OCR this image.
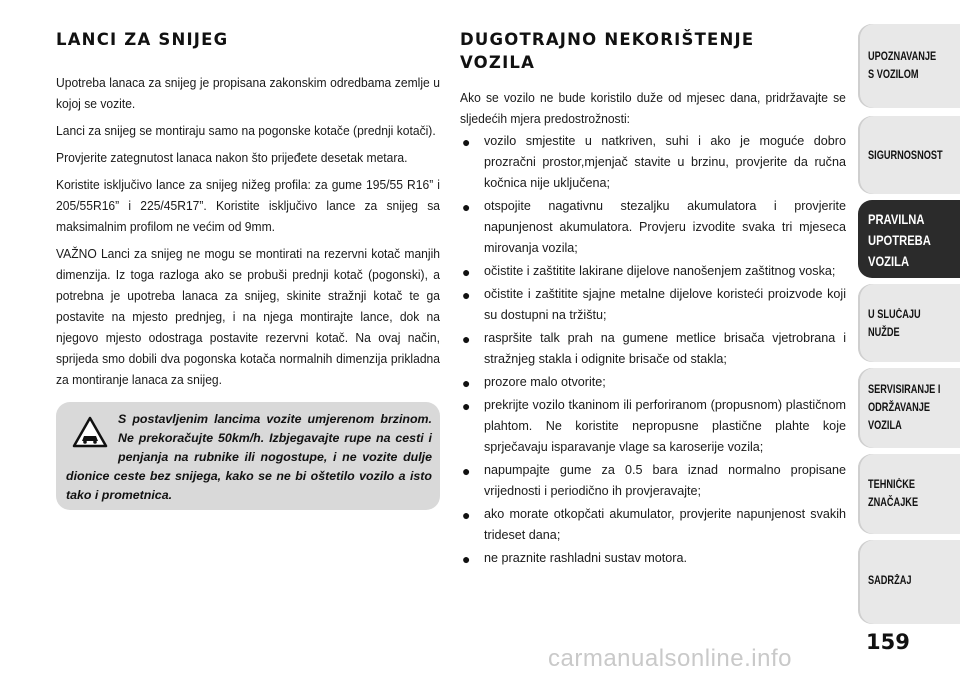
LANCI ZA SNIJEG

Upotreba lanaca za snijeg je propisana zakonskim odredbama zemlje u kojoj se vozite.

Lanci za snijeg se montiraju samo na pogonske kotače (prednji kotači).

Provjerite zategnutost lanaca nakon što prijeđete desetak metara.

Koristite isključivo lance za snijeg nižeg profila: za gume 195/55 R16” i 205/55R16” i 225/45R17”. Koristite isključivo lance za snijeg sa maksimalnim profilom ne većim od 9mm.

VAŽNO Lanci za snijeg ne mogu se montirati na rezervni kotač manjih dimenzija. Iz toga razloga ako se probuši prednji kotač (pogonski), a potrebna je upotreba lanaca za snijeg, skinite stražnji kotač te ga postavite na mjesto prednjeg, i na njega montirajte lance, dok na njegovo mjesto odostraga postavite rezervni kotač. Na ovaj način, sprijeda smo dobili dva pogonska kotača normalnih dimenzija prikladna za montiranje lanaca za snijeg.

S postavljenim lancima vozite umjerenom brzinom. Ne prekoračujte 50km/h. Izbjegavajte rupe na cesti i penjanja na rubnike ili nogostupe, i ne vozite dulje dionice ceste bez snijega, kako se ne bi oštetilo vozilo a isto tako i prometnica.
DUGOTRAJNO NEKORIŠTENJE VOZILA

Ako se vozilo ne bude koristilo duže od mjesec dana, pridržavajte se sljedećih mjera predostrožnosti:

● vozilo smjestite u natkriven, suhi i ako je moguće dobro prozračni prostor,mjenjač stavite u brzinu, provjerite da ručna kočnica nije uključena;
● otspojite nagativnu stezaljku akumulatora i provjerite napunjenost akumulatora. Provjeru izvodite svaka tri mjeseca mirovanja vozila;
● očistite i zaštitite lakirane dijelove nanošenjem zaštitnog voska;
● očistite i zaštitite sjajne metalne dijelove koristeći proizvode koji su dostupni na tržištu;
● raspršite talk prah na gumene metlice brisača vjetrobrana i stražnjeg stakla i odignite brisače od stakla;
● prozore malo otvorite;
● prekrijte vozilo tkaninom ili perforiranom (propusnom) plastičnom plahtom. Ne koristite nepropusne plastične plahte koje sprječavaju isparavanje vlage sa karoserije vozila;
● napumpajte gume za 0.5 bara iznad normalno propisane vrijednosti i periodično ih provjeravajte;
● ako morate otkopčati akumulator, provjerite napunjenost svakih trideset dana;
● ne praznite rashladni sustav motora.
UPOZNAVANJE
S VOZILOM
SIGURNOSNOST
PRAVILNA
UPOTREBA
VOZILA
U SLUČAJU
NUŽDE
SERVISIRANJE I
ODRŽAVANJE
VOZILA
TEHNIČKE
ZNAČAJKE
SADRŽAJ
159
carmanualsonline.info
